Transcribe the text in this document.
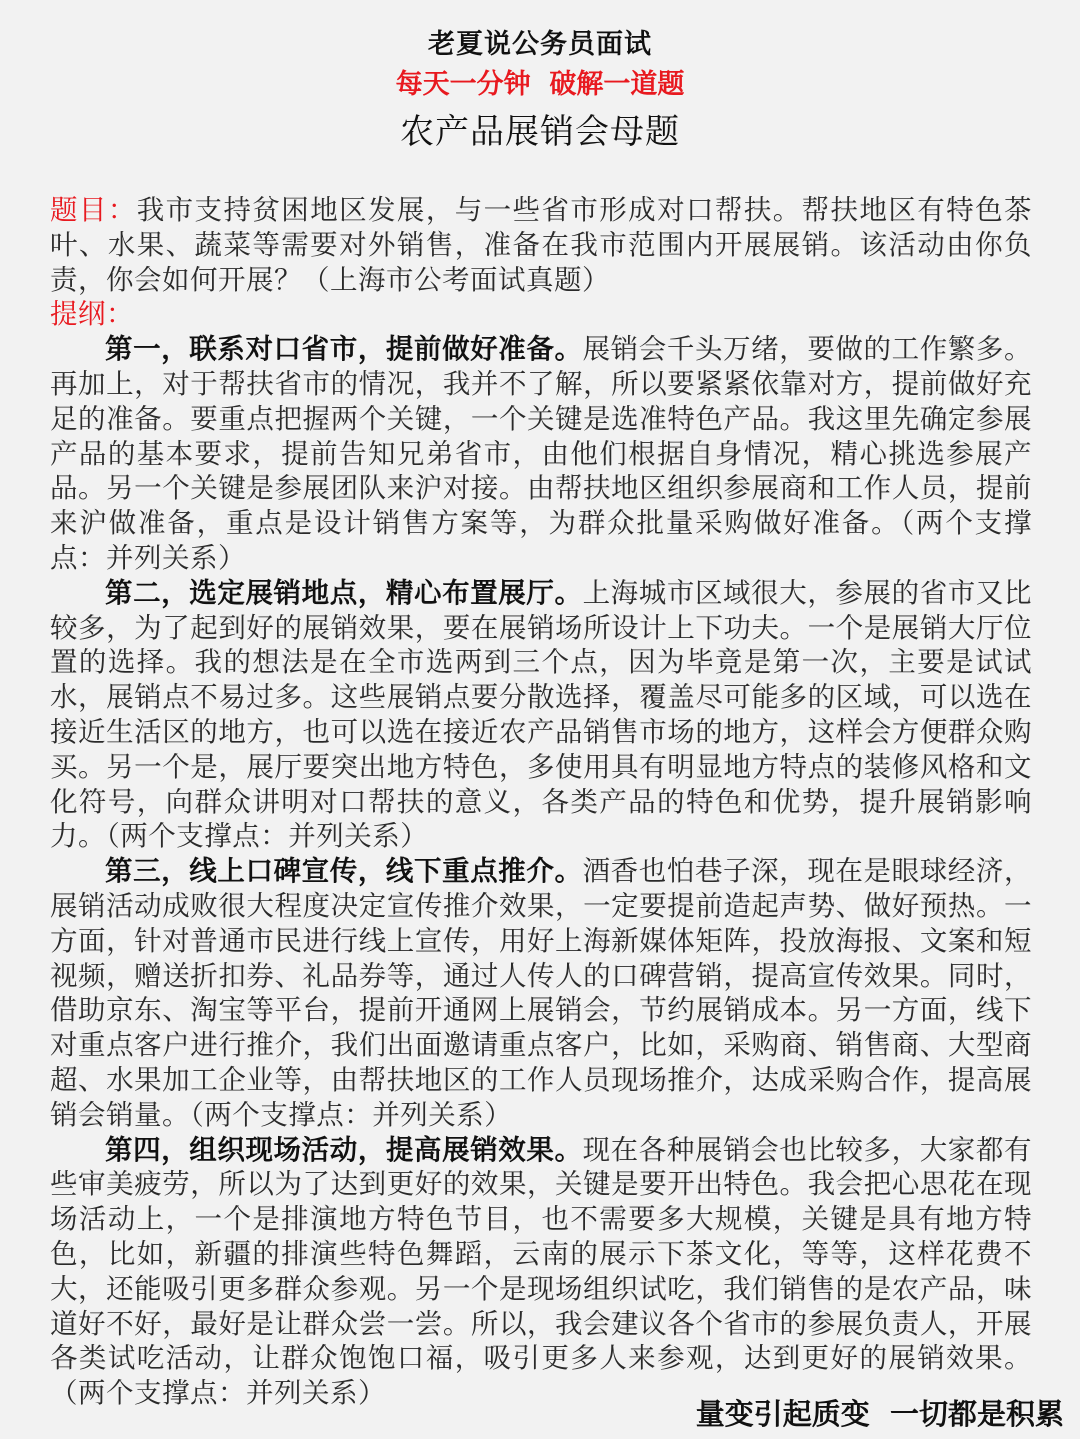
老夏说公务员面试
每天一分钟  破解一道题
农产品展销会母题

题目：我市支持贫困地区发展，与一些省市形成对口帮扶。帮扶地区有特色茶叶、水果、蔬菜等需要对外销售，准备在我市范围内开展展销。该活动由你负责，你会如何开展？（上海市公考面试真题）

提纲：

第一，联系对口省市，提前做好准备。展销会千头万绪，要做的工作繁多。再加上，对于帮扶省市的情况，我并不了解，所以要紧紧依靠对方，提前做好充足的准备。要重点把握两个关键，一个关键是选准特色产品。我这里先确定参展产品的基本要求，提前告知兄弟省市，由他们根据自身情况，精心挑选参展产品。另一个关键是参展团队来沪对接。由帮扶地区组织参展商和工作人员，提前来沪做准备，重点是设计销售方案等，为群众批量采购做好准备。（两个支撑点：并列关系）

第二，选定展销地点，精心布置展厅。上海城市区域很大，参展的省市又比较多，为了起到好的展销效果，要在展销场所设计上下功夫。一个是展销大厅位置的选择。我的想法是在全市选两到三个点，因为毕竟是第一次，主要是试试水，展销点不易过多。这些展销点要分散选择，覆盖尽可能多的区域，可以选在接近生活区的地方，也可以选在接近农产品销售市场的地方，这样会方便群众购买。另一个是，展厅要突出地方特色，多使用具有明显地方特点的装修风格和文化符号，向群众讲明对口帮扶的意义，各类产品的特色和优势，提升展销影响力。（两个支撑点：并列关系）

第三，线上口碑宣传，线下重点推介。酒香也怕巷子深，现在是眼球经济，展销活动成败很大程度决定宣传推介效果，一定要提前造起声势、做好预热。一方面，针对普通市民进行线上宣传，用好上海新媒体矩阵，投放海报、文案和短视频，赠送折扣券、礼品券等，通过人传人的口碑营销，提高宣传效果。同时，借助京东、淘宝等平台，提前开通网上展销会，节约展销成本。另一方面，线下对重点客户进行推介，我们出面邀请重点客户，比如，采购商、销售商、大型商超、水果加工企业等，由帮扶地区的工作人员现场推介，达成采购合作，提高展销会销量。（两个支撑点：并列关系）

第四，组织现场活动，提高展销效果。现在各种展销会也比较多，大家都有些审美疲劳，所以为了达到更好的效果，关键是要开出特色。我会把心思花在现场活动上，一个是排演地方特色节目，也不需要多大规模，关键是具有地方特色，比如，新疆的排演些特色舞蹈，云南的展示下茶文化，等等，这样花费不大，还能吸引更多群众参观。另一个是现场组织试吃，我们销售的是农产品，味道好不好，最好是让群众尝一尝。所以，我会建议各个省市的参展负责人，开展各类试吃活动，让群众饱饱口福，吸引更多人来参观，达到更好的展销效果。（两个支撑点：并列关系）

量变引起质变  一切都是积累
